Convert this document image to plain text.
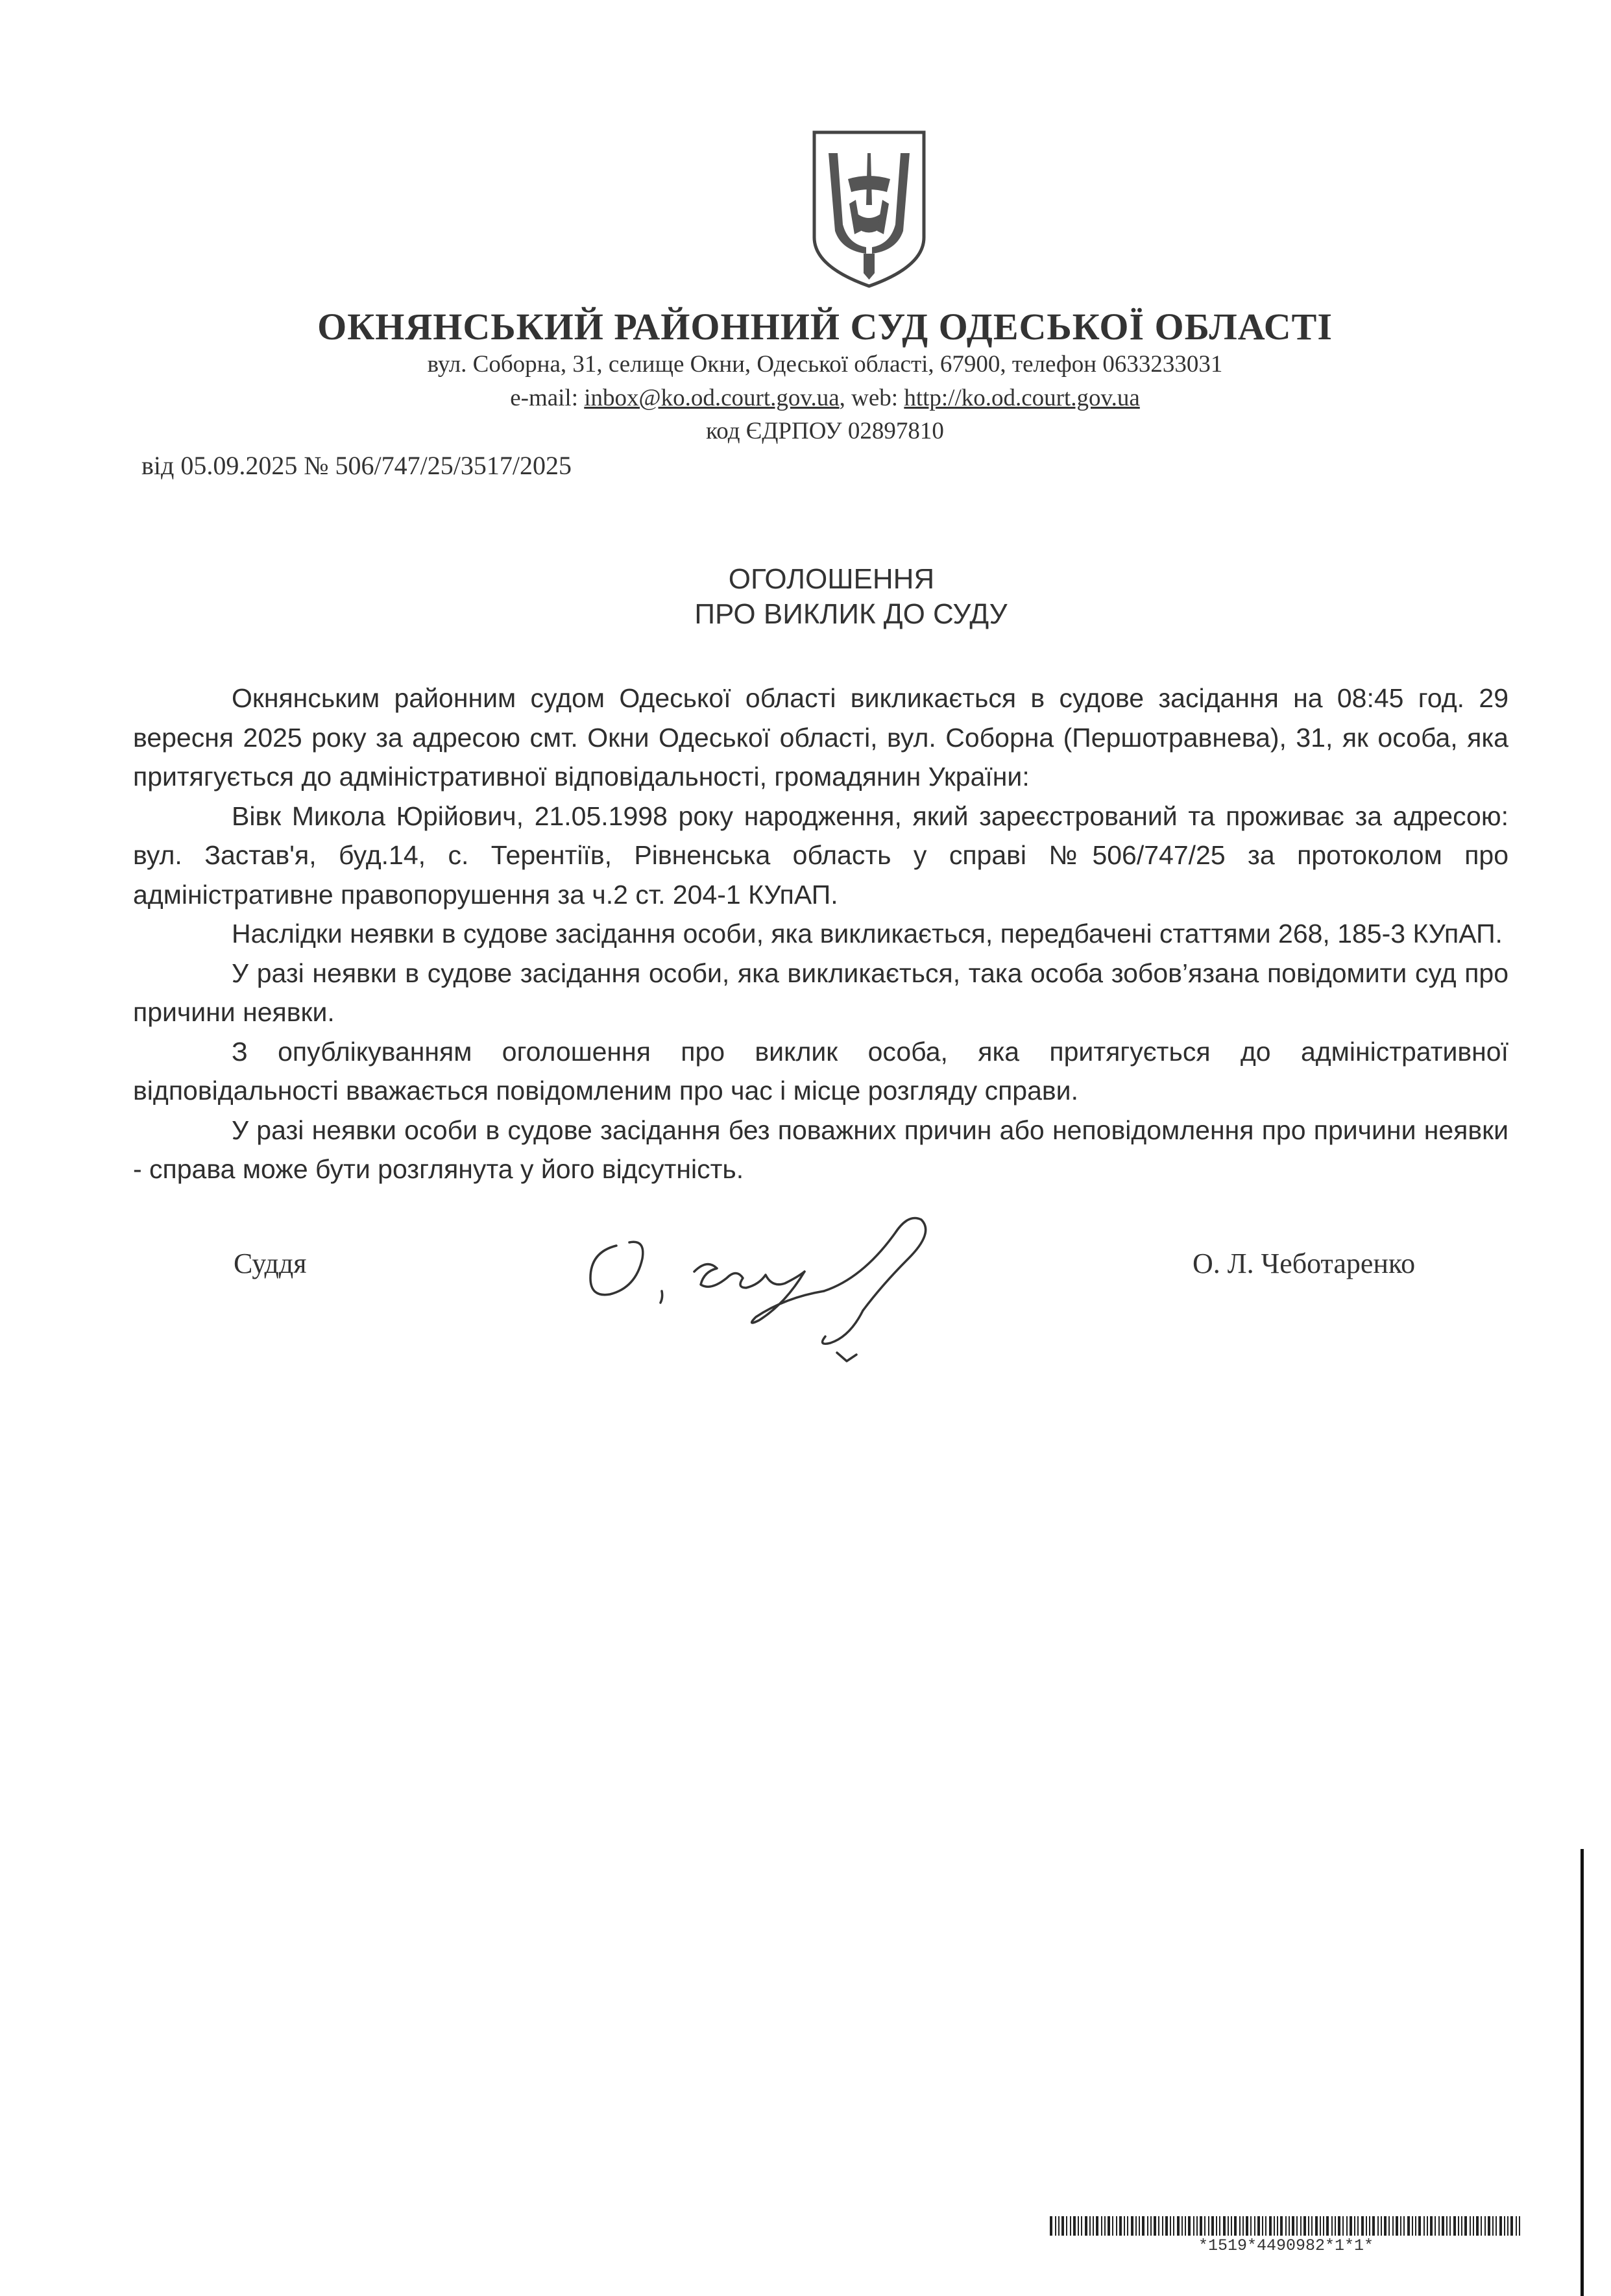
ОКНЯНСЬКИЙ РАЙОННИЙ СУД ОДЕСЬКОЇ ОБЛАСТІ
вул. Соборна, 31, селище Окни, Одеської області, 67900, телефон 0633233031
e-mail: inbox@ko.od.court.gov.ua, web: http://ko.od.court.gov.ua
код ЄДРПОУ 02897810
від 05.09.2025 № 506/747/25/3517/2025
ОГОЛОШЕННЯ
ПРО ВИКЛИК ДО СУДУ

Окнянським районним судом Одеської області викликається в судове засідання на 08:45 год. 29 вересня 2025 року за адресою смт. Окни Одеської області, вул. Соборна (Першотравнева), 31, як особа, яка притягується до адміністративної відповідальності, громадянин України:

Вівк Микола Юрійович, 21.05.1998 року народження, який зареєстрований та проживає за адресою: вул. Застав'я, буд.14, с. Терентіїв, Рівненська область у справі №506/747/25 за протоколом про адміністративне правопорушення за ч.2 ст. 204-1 КУпАП.

Наслідки неявки в судове засідання особи, яка викликається, передбачені статтями 268, 185-3 КУпАП.

У разі неявки в судове засідання особи, яка викликається, така особа зобов’язана повідомити суд про причини неявки.

З опублікуванням оголошення про виклик особа, яка притягується до адміністративної відповідальності вважається повідомленим про час і місце розгляду справи.

У разі неявки особи в судове засідання без поважних причин або неповідомлення про причини неявки - справа може бути розглянута у його відсутність.

Суддя	О. Л. Чеботаренко
*1519*4490982*1*1*
